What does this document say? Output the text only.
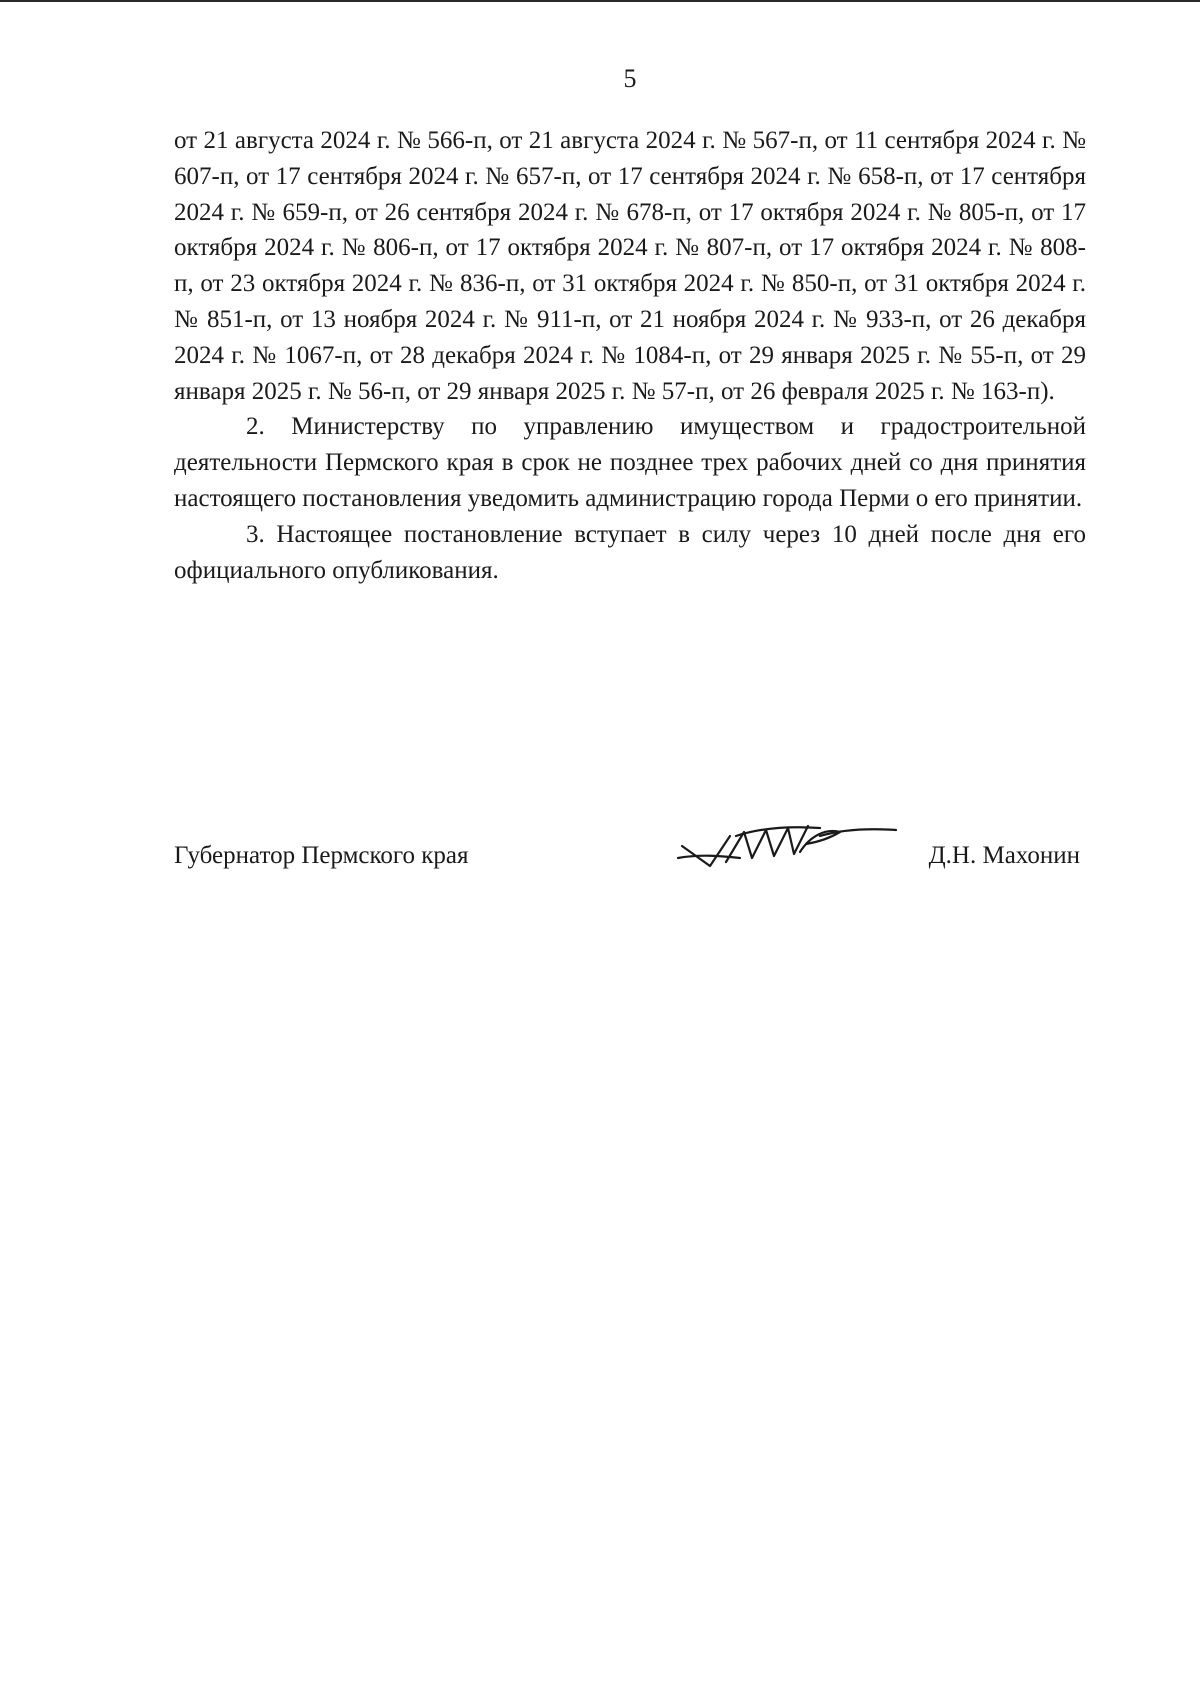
5

от 21 августа 2024 г. № 566-п, от 21 августа 2024 г. № 567-п, от 11 сентября 2024 г. № 607-п, от 17 сентября 2024 г. № 657-п, от 17 сентября 2024 г. № 658-п, от 17 сентября 2024 г. № 659-п, от 26 сентября 2024 г. № 678-п, от 17 октября 2024 г. № 805-п, от 17 октября 2024 г. № 806-п, от 17 октября 2024 г. № 807-п, от 17 октября 2024 г. № 808-п, от 23 октября 2024 г. № 836-п, от 31 октября 2024 г. № 850-п, от 31 октября 2024 г. № 851-п, от 13 ноября 2024 г. № 911-п, от 21 ноября 2024 г. № 933-п, от 26 декабря 2024 г. № 1067-п, от 28 декабря 2024 г. № 1084-п, от 29 января 2025 г. № 55-п, от 29 января 2025 г. № 56-п, от 29 января 2025 г. № 57-п, от 26 февраля 2025 г. № 163-п).

2. Министерству по управлению имуществом и градостроительной деятельности Пермского края в срок не позднее трех рабочих дней со дня принятия настоящего постановления уведомить администрацию города Перми о его принятии.

3. Настоящее постановление вступает в силу через 10 дней после дня его официального опубликования.

Губернатор Пермского края	Д.Н. Махонин
